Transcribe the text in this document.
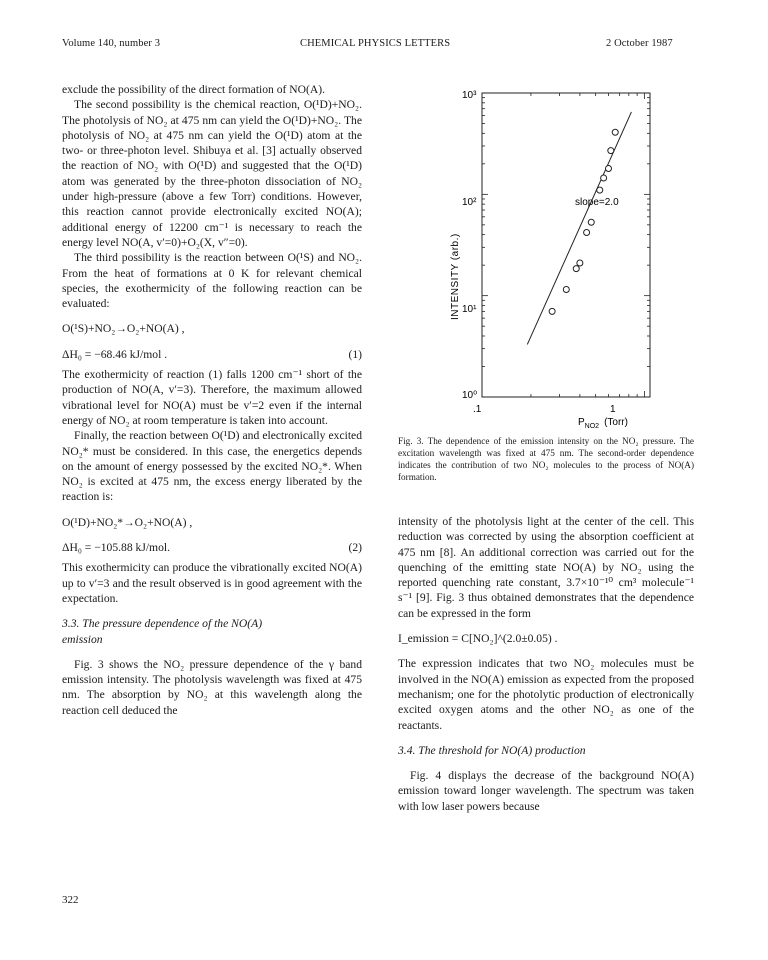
Volume 140, number 3	CHEMICAL PHYSICS LETTERS	2 October 1987

exclude the possibility of the direct formation of NO(A).

The second possibility is the chemical reaction, O(¹D)+NO₂. The photolysis of NO₂ at 475 nm can yield the O(¹D)+NO₂. The photolysis of NO₂ at 475 nm can yield the O(¹D) atom at the two- or three-photon level. Shibuya et al. [3] actually observed the reaction of NO₂ with O(¹D) and suggested that the O(¹D) atom was generated by the three-photon dissociation of NO₂ under high-pressure (above a few Torr) conditions. However, this reaction cannot provide electronically excited NO(A); additional energy of 12200 cm⁻¹ is necessary to reach the energy level NO(A, v′=0)+O₂(X, v″=0).

The third possibility is the reaction between O(¹S) and NO₂. From the heat of formations at 0 K for relevant chemical species, the exothermicity of the following reaction can be evaluated:

O(¹S)+NO₂→O₂+NO(A) ,

ΔH₀ = −68.46 kJ/mol .	(1)

The exothermicity of reaction (1) falls 1200 cm⁻¹ short of the production of NO(A, v′=3). Therefore, the maximum allowed vibrational level for NO(A) must be v′=2 even if the internal energy of NO₂ at room temperature is taken into account.

Finally, the reaction between O(¹D) and electronically excited NO₂* must be considered. In this case, the energetics depends on the amount of energy possessed by the excited NO₂*. When NO₂ is excited at 475 nm, the excess energy liberated by the reaction is:

O(¹D)+NO₂*→O₂+NO(A) ,

ΔH₀ = −105.88 kJ/mol.	(2)

This exothermicity can produce the vibrationally excited NO(A) up to v′=3 and the result observed is in good agreement with the expectation.

3.3. The pressure dependence of the NO(A)

emission

Fig. 3 shows the NO₂ pressure dependence of the γ band emission intensity. The photolysis wavelength was fixed at 475 nm. The absorption by NO₂ at this wavelength along the reaction cell deduced the

10³
10²
10¹
10⁰
.1	1
slope=2.0
INTENSITY (arb.)
$P_{NO2}$ (Torr)
Fig. 3. The dependence of the emission intensity on the NO₂ pressure. The excitation wavelength was fixed at 475 nm. The second-order dependence indicates the contribution of two NO₂ molecules to the process of NO(A) formation.

intensity of the photolysis light at the center of the cell. This reduction was corrected by using the absorption coefficient at 475 nm [8]. An additional correction was carried out for the quenching of the emitting state NO(A) by NO₂ using the reported quenching rate constant, 3.7×10⁻¹⁰ cm³ molecule⁻¹ s⁻¹ [9]. Fig. 3 thus obtained demonstrates that the dependence can be expressed in the form

I_emission = C[NO₂]^(2.0±0.05) .

The expression indicates that two NO₂ molecules must be involved in the NO(A) emission as expected from the proposed mechanism; one for the photolytic production of electronically excited oxygen atoms and the other NO₂ as one of the reactants.

3.4. The threshold for NO(A) production

Fig. 4 displays the decrease of the background NO(A) emission toward longer wavelength. The spectrum was taken with low laser powers because

322
